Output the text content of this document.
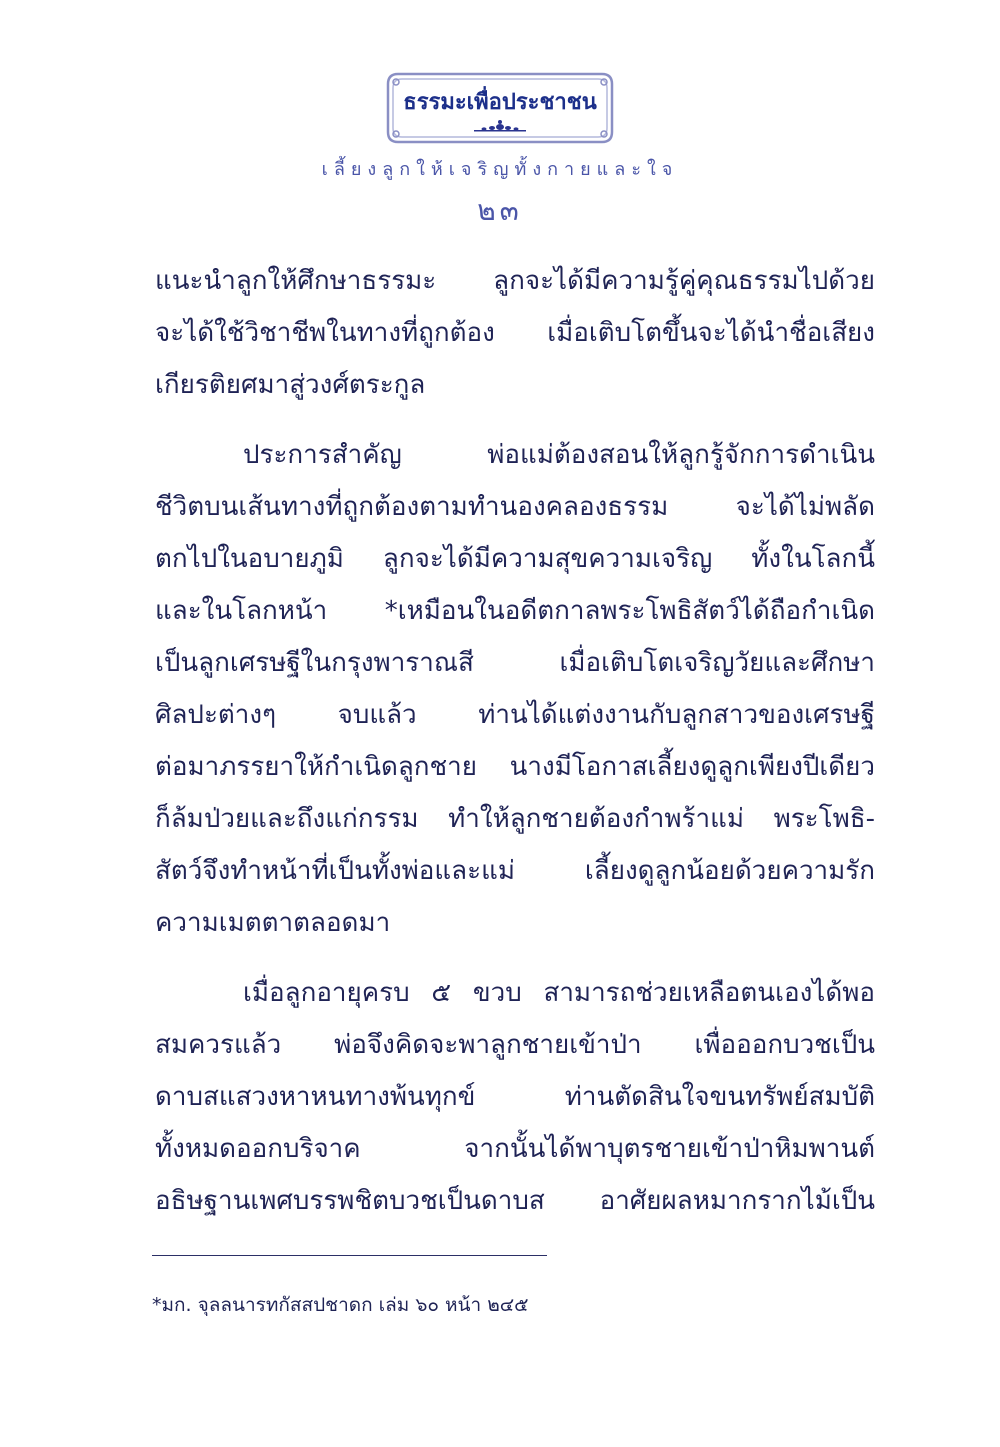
ธรรมะเพื่อประชาชน
เลี้ยงลูกให้เจริญทั้งกายและใจ
๒๓
แนะนำลูกให้ศึกษาธรรมะ ลูกจะได้มีความรู้คู่คุณธรรมไปด้วย
จะได้ใช้วิชาชีพในทางที่ถูกต้อง เมื่อเติบโตขึ้นจะได้นำชื่อเสียง
เกียรติยศมาสู่วงศ์ตระกูล
ประการสำคัญ พ่อแม่ต้องสอนให้ลูกรู้จักการดำเนิน
ชีวิตบนเส้นทางที่ถูกต้องตามทำนองคลองธรรม จะได้ไม่พลัด
ตกไปในอบายภูมิ ลูกจะได้มีความสุขความเจริญ ทั้งในโลกนี้
และในโลกหน้า *เหมือนในอดีตกาลพระโพธิสัตว์ได้ถือกำเนิด
เป็นลูกเศรษฐีในกรุงพาราณสี เมื่อเติบโตเจริญวัยและศึกษา
ศิลปะต่างๆ จบแล้ว ท่านได้แต่งงานกับลูกสาวของเศรษฐี
ต่อมาภรรยาให้กำเนิดลูกชาย นางมีโอกาสเลี้ยงดูลูกเพียงปีเดียว
ก็ล้มป่วยและถึงแก่กรรม ทำให้ลูกชายต้องกำพร้าแม่ พระโพธิ-
สัตว์จึงทำหน้าที่เป็นทั้งพ่อและแม่ เลี้ยงดูลูกน้อยด้วยความรัก
ความเมตตาตลอดมา
เมื่อลูกอายุครบ ๕ ขวบ สามารถช่วยเหลือตนเองได้พอ
สมควรแล้ว พ่อจึงคิดจะพาลูกชายเข้าป่า เพื่อออกบวชเป็น
ดาบสแสวงหาหนทางพ้นทุกข์ ท่านตัดสินใจขนทรัพย์สมบัติ
ทั้งหมดออกบริจาค จากนั้นได้พาบุตรชายเข้าป่าหิมพานต์
อธิษฐานเพศบรรพชิตบวชเป็นดาบส อาศัยผลหมากรากไม้เป็น
*มก. จุลลนารทกัสสปชาดก เล่ม ๖๐ หน้า ๒๔๕
